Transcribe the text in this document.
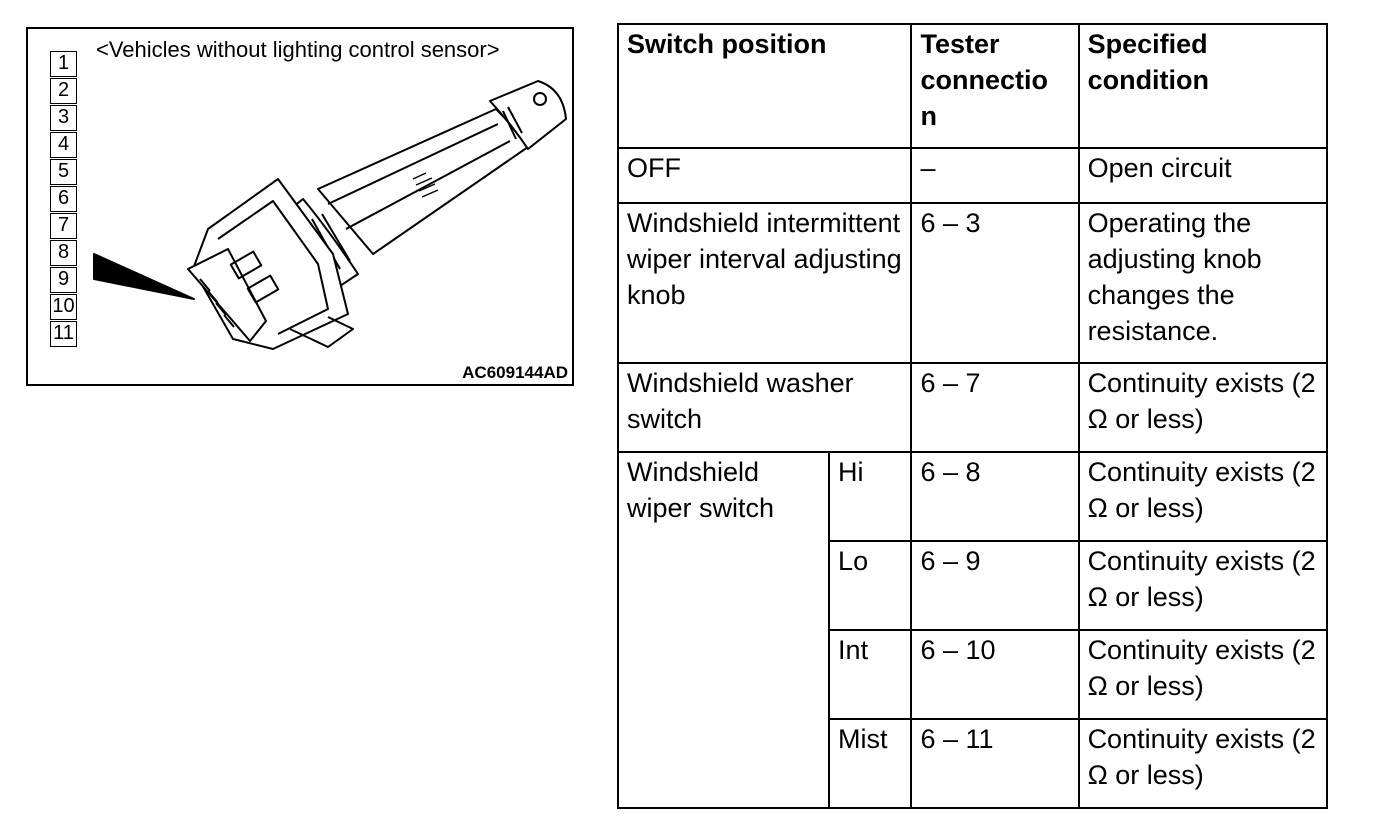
<Vehicles without lighting control sensor>
1
2
3
4
5
6
7
8
9
10
11
AC609144AD
Switch position		Tester connectio n	Specified condition
OFF		–	Open circuit
Windshield intermittent wiper interval adjusting knob		6 – 3	Operating the adjusting knob changes the resistance.
Windshield washer switch		6 – 7	Continuity exists (2 Ω or less)
Windshield wiper switch	Hi	6 – 8	Continuity exists (2 Ω or less)
	Lo	6 – 9	Continuity exists (2 Ω or less)
	Int	6 – 10	Continuity exists (2 Ω or less)
	Mist	6 – 11	Continuity exists (2 Ω or less)
